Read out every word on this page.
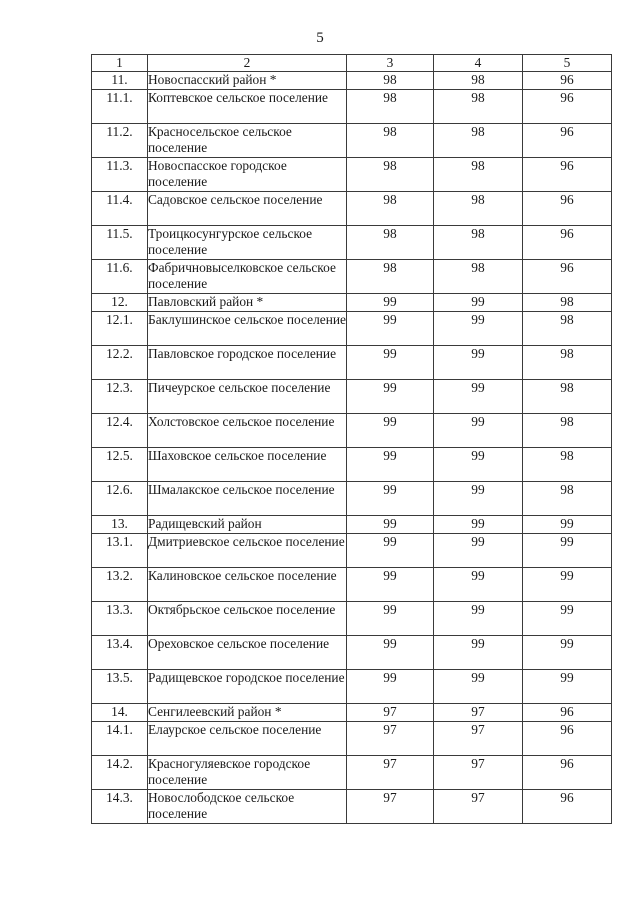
5
1	2	3	4	5
11.	Новоспасский район *	98	98	96
11.1.	Коптевское сельское поселение	98	98	96
11.2.	Красносельское сельское поселение	98	98	96
11.3.	Новоспасское городское поселение	98	98	96
11.4.	Садовское сельское поселение	98	98	96
11.5.	Троицкосунгурское сельское поселение	98	98	96
11.6.	Фабричновыселковское сельское поселение	98	98	96
12.	Павловский район *	99	99	98
12.1.	Баклушинское сельское поселение	99	99	98
12.2.	Павловское городское поселение	99	99	98
12.3.	Пичеурское сельское поселение	99	99	98
12.4.	Холстовское сельское поселение	99	99	98
12.5.	Шаховское сельское поселение	99	99	98
12.6.	Шмалакское сельское поселение	99	99	98
13.	Радищевский район	99	99	99
13.1.	Дмитриевское сельское поселение	99	99	99
13.2.	Калиновское сельское поселение	99	99	99
13.3.	Октябрьское сельское поселение	99	99	99
13.4.	Ореховское сельское поселение	99	99	99
13.5.	Радищевское городское поселение	99	99	99
14.	Сенгилеевский район *	97	97	96
14.1.	Елаурское сельское поселение	97	97	96
14.2.	Красногуляевское городское поселение	97	97	96
14.3.	Новослободское сельское поселение	97	97	96
